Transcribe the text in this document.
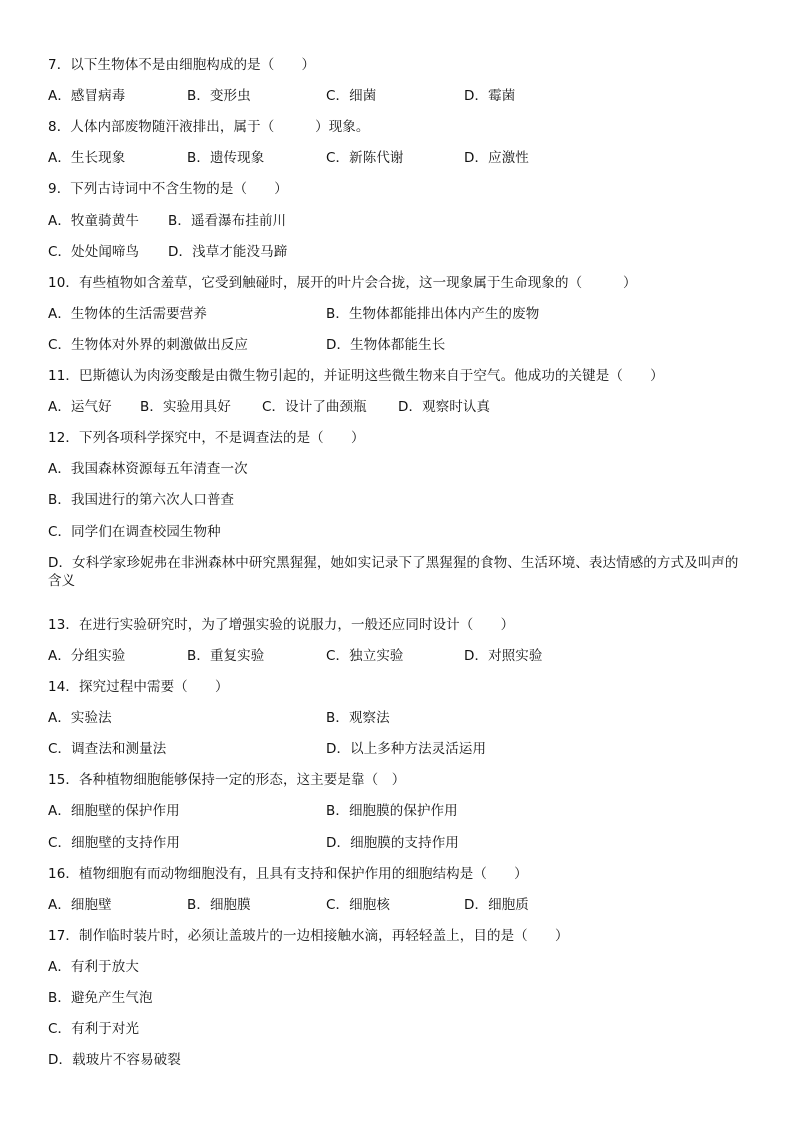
7．以下生物体不是由细胞构成的是（　　）
A．感冒病毒	B．变形虫	C．细菌	D．霉菌
8．人体内部废物随汗液排出，属于（　　　）现象。
A．生长现象	B．遗传现象	C．新陈代谢	D．应激性
9．下列古诗词中不含生物的是（　　）
A．牧童骑黄牛 B．遥看瀑布挂前川
C．处处闻啼鸟 D．浅草才能没马蹄
10．有些植物如含羞草，它受到触碰时，展开的叶片会合拢，这一现象属于生命现象的（　　　）
A．生物体的生活需要营养	B．生物体都能排出体内产生的废物
C．生物体对外界的刺激做出反应	D．生物体都能生长
11．巴斯德认为肉汤变酸是由微生物引起的，并证明这些微生物来自于空气。他成功的关键是（　　）
A．运气好 B．实验用具好 C．设计了曲颈瓶 D．观察时认真
12．下列各项科学探究中，不是调查法的是（　　）
A．我国森林资源每五年清查一次
B．我国进行的第六次人口普查
C．同学们在调查校园生物种
D．女科学家珍妮弗在非洲森林中研究黑猩猩，她如实记录下了黑猩猩的食物、生活环境、表达情感的方式及叫声的含义
13．在进行实验研究时，为了增强实验的说服力，一般还应同时设计（　　）
A．分组实验	B．重复实验	C．独立实验	D．对照实验
14．探究过程中需要（　　）
A．实验法	B．观察法
C．调查法和测量法	D．以上多种方法灵活运用
15．各种植物细胞能够保持一定的形态，这主要是靠（　）
A．细胞壁的保护作用	B．细胞膜的保护作用
C．细胞壁的支持作用	D．细胞膜的支持作用
16．植物细胞有而动物细胞没有，且具有支持和保护作用的细胞结构是（　　）
A．细胞壁	B．细胞膜	C．细胞核	D．细胞质
17．制作临时装片时，必须让盖玻片的一边相接触水滴，再轻轻盖上，目的是（　　）
A．有利于放大
B．避免产生气泡
C．有利于对光
D．载玻片不容易破裂
